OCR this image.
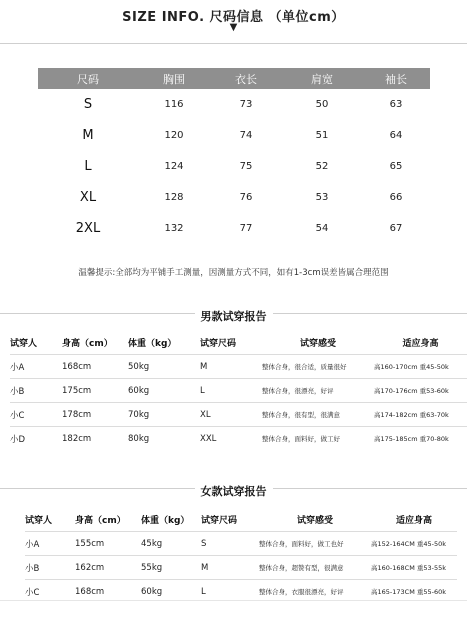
SIZE INFO. 尺码信息 （单位cm）
▼
尺码	胸围	衣长	肩宽	袖长
S	116	73	50	63
M	120	74	51	64
L	124	75	52	65
XL	128	76	53	66
2XL	132	77	54	67
温馨提示:全部均为平铺手工测量，因测量方式不同，如有1-3cm误差皆属合理范围
男款试穿报告
试穿人	身高（cm）	体重（kg）	试穿尺码	试穿感受	适应身高
小A	168cm	50kg	M	整体合身，很合适，质量很好	高160-170cm 重45-50k
小B	175cm	60kg	L	整体合身，很漂亮，好评	高170-176cm 重53-60k
小C	178cm	70kg	XL	整体合身，很有型，很满意	高174-182cm 重63-70k
小D	182cm	80kg	XXL	整体合身，面料好，做工好	高175-185cm 重70-80k
女款试穿报告
试穿人	身高（cm）	体重（kg）	试穿尺码	试穿感受	适应身高
小A	155cm	45kg	S	整体合身，面料好，做工也好	高152-164CM 重45-50k
小B	162cm	55kg	M	整体合身，超赞有型，很满意	高160-168CM 重53-55k
小C	168cm	60kg	L	整体合身，衣服很漂亮，好评	高165-173CM 重55-60k
